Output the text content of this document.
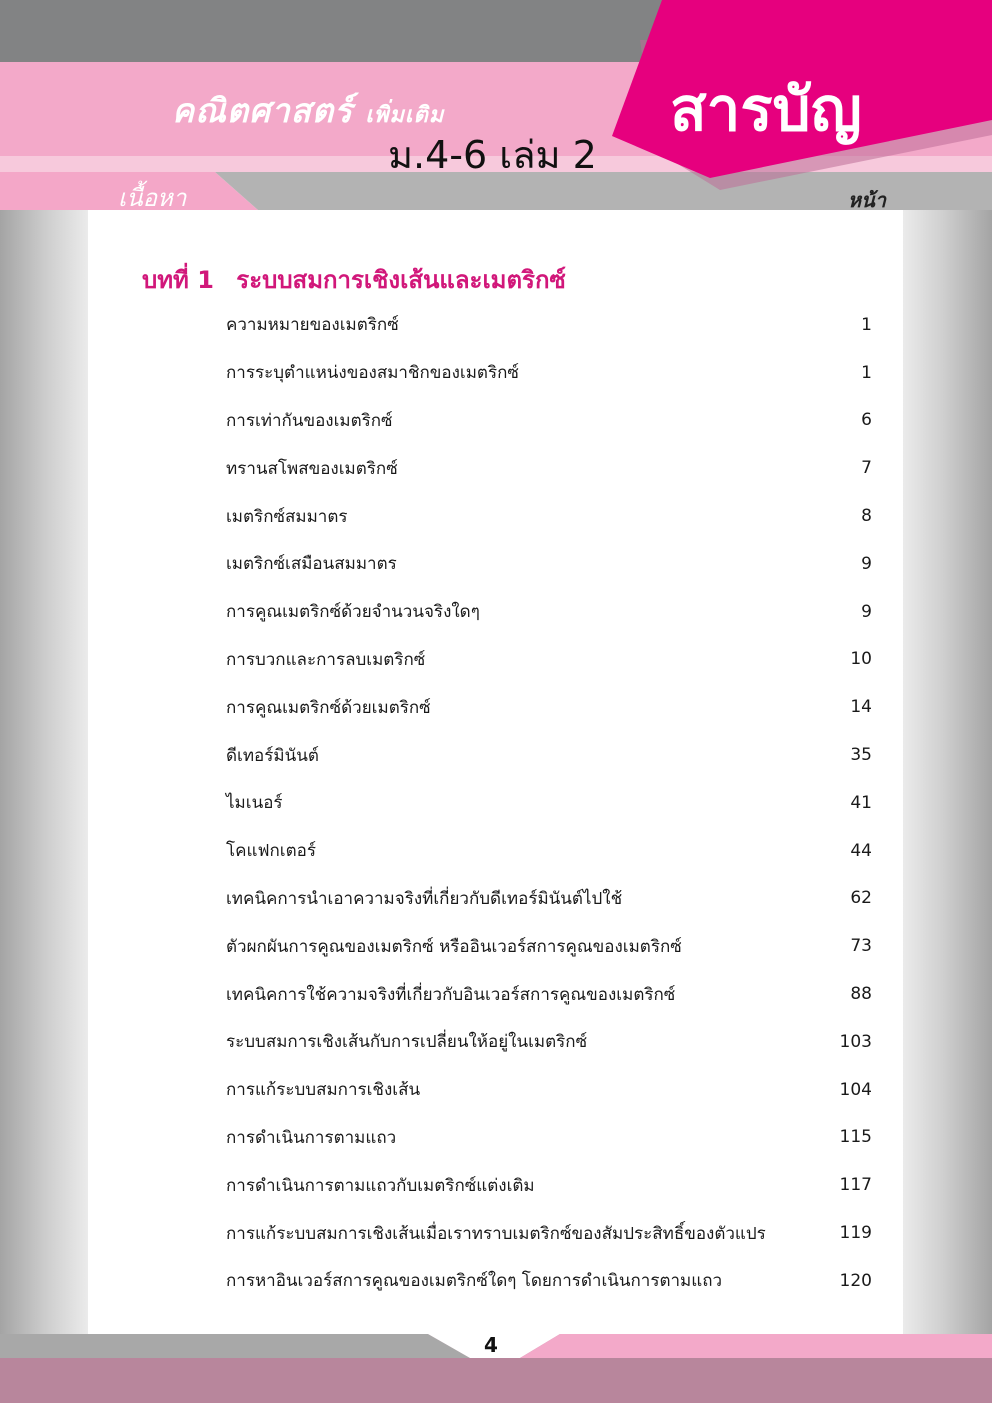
คณิตศาสตร์ เพิ่มเติม
ม.4-6 เล่ม 2
สารบัญ
เนื้อหา	หน้า
บทที่ 1 ระบบสมการเชิงเส้นและเมตริกซ์
ความหมายของเมตริกซ์	1
การระบุตำแหน่งของสมาชิกของเมตริกซ์	1
การเท่ากันของเมตริกซ์	6
ทรานสโพสของเมตริกซ์	7
เมตริกซ์สมมาตร	8
เมตริกซ์เสมือนสมมาตร	9
การคูณเมตริกซ์ด้วยจำนวนจริงใดๆ	9
การบวกและการลบเมตริกซ์	10
การคูณเมตริกซ์ด้วยเมตริกซ์	14
ดีเทอร์มินันต์	35
ไมเนอร์	41
โคแฟกเตอร์	44
เทคนิคการนำเอาความจริงที่เกี่ยวกับดีเทอร์มินันต์ไปใช้	62
ตัวผกผันการคูณของเมตริกซ์ หรืออินเวอร์สการคูณของเมตริกซ์	73
เทคนิคการใช้ความจริงที่เกี่ยวกับอินเวอร์สการคูณของเมตริกซ์	88
ระบบสมการเชิงเส้นกับการเปลี่ยนให้อยู่ในเมตริกซ์	103
การแก้ระบบสมการเชิงเส้น	104
การดำเนินการตามแถว	115
การดำเนินการตามแถวกับเมตริกซ์แต่งเติม	117
การแก้ระบบสมการเชิงเส้นเมื่อเราทราบเมตริกซ์ของสัมประสิทธิ์ของตัวแปร	119
การหาอินเวอร์สการคูณของเมตริกซ์ใดๆ โดยการดำเนินการตามแถว	120
4
